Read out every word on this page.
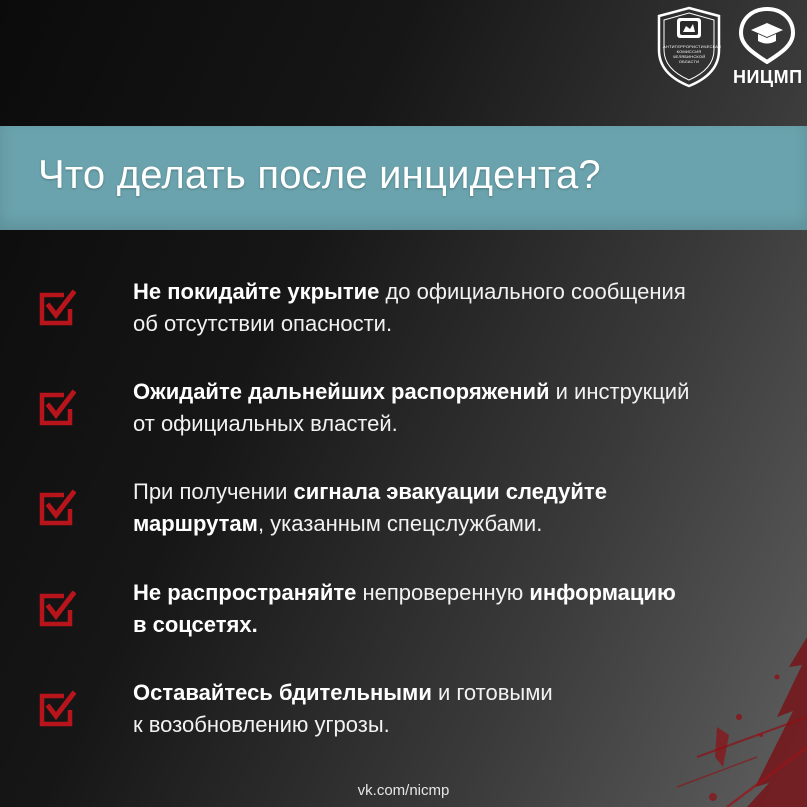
АНТИТЕРРОРИСТИЧЕСКАЯ
КОМИССИЯ
ЧЕЛЯБИНСКОЙ
ОБЛАСТИ
НИЦМП
Что делать после инцидента?
Не покидайте укрытие до официального сообщения
об отсутствии опасности.
Ожидайте дальнейших распоряжений и инструкций
от официальных властей.
При получении сигнала эвакуации следуйте
маршрутам, указанным спецслужбами.
Не распространяйте непроверенную информацию
в соцсетях.
Оставайтесь бдительными и готовыми
к возобновлению угрозы.
vk.com/nicmp
